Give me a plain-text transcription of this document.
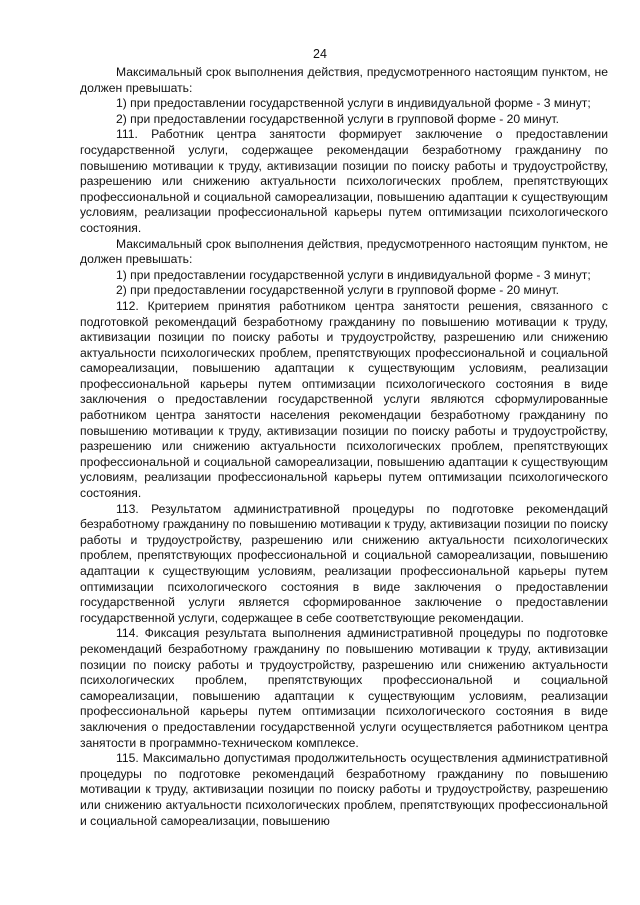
24

Максимальный срок выполнения действия, предусмотренного настоящим пунктом, не должен превышать:

1) при предоставлении государственной услуги в индивидуальной форме - 3 минут;

2) при предоставлении государственной услуги в групповой форме - 20 минут.

111. Работник центра занятости формирует заключение о предоставлении государственной услуги, содержащее рекомендации безработному гражданину по повышению мотивации к труду, активизации позиции по поиску работы и трудоустройству, разрешению или снижению актуальности психологических проблем, препятствующих профессиональной и социальной самореализации, повышению адаптации к существующим условиям, реализации профессиональной карьеры путем оптимизации психологического состояния.

Максимальный срок выполнения действия, предусмотренного настоящим пунктом, не должен превышать:

1) при предоставлении государственной услуги в индивидуальной форме - 3 минут;

2) при предоставлении государственной услуги в групповой форме - 20 минут.

112. Критерием принятия работником центра занятости решения, связанного с подготовкой рекомендаций безработному гражданину по повышению мотивации к труду, активизации позиции по поиску работы и трудоустройству, разрешению или снижению актуальности психологических проблем, препятствующих профессиональной и социальной самореализации, повышению адаптации к существующим условиям, реализации профессиональной карьеры путем оптимизации психологического состояния в виде заключения о предоставлении государственной услуги являются сформулированные работником центра занятости населения рекомендации безработному гражданину по повышению мотивации к труду, активизации позиции по поиску работы и трудоустройству, разрешению или снижению актуальности психологических проблем, препятствующих профессиональной и социальной самореализации, повышению адаптации к существующим условиям, реализации профессиональной карьеры путем оптимизации психологического состояния.

113. Результатом административной процедуры по подготовке рекомендаций безработному гражданину по повышению мотивации к труду, активизации позиции по поиску работы и трудоустройству, разрешению или снижению актуальности психологических проблем, препятствующих профессиональной и социальной самореализации, повышению адаптации к существующим условиям, реализации профессиональной карьеры путем оптимизации психологического состояния в виде заключения о предоставлении государственной услуги является сформированное заключение о предоставлении государственной услуги, содержащее в себе соответствующие рекомендации.

114. Фиксация результата выполнения административной процедуры по подготовке рекомендаций безработному гражданину по повышению мотивации к труду, активизации позиции по поиску работы и трудоустройству, разрешению или снижению актуальности психологических проблем, препятствующих профессиональной и социальной самореализации, повышению адаптации к существующим условиям, реализации профессиональной карьеры путем оптимизации психологического состояния в виде заключения о предоставлении государственной услуги осуществляется работником центра занятости в программно-техническом комплексе.

115. Максимально допустимая продолжительность осуществления административной процедуры по подготовке рекомендаций безработному гражданину по повышению мотивации к труду, активизации позиции по поиску работы и трудоустройству, разрешению или снижению актуальности психологических проблем, препятствующих профессиональной и социальной самореализации, повышению
